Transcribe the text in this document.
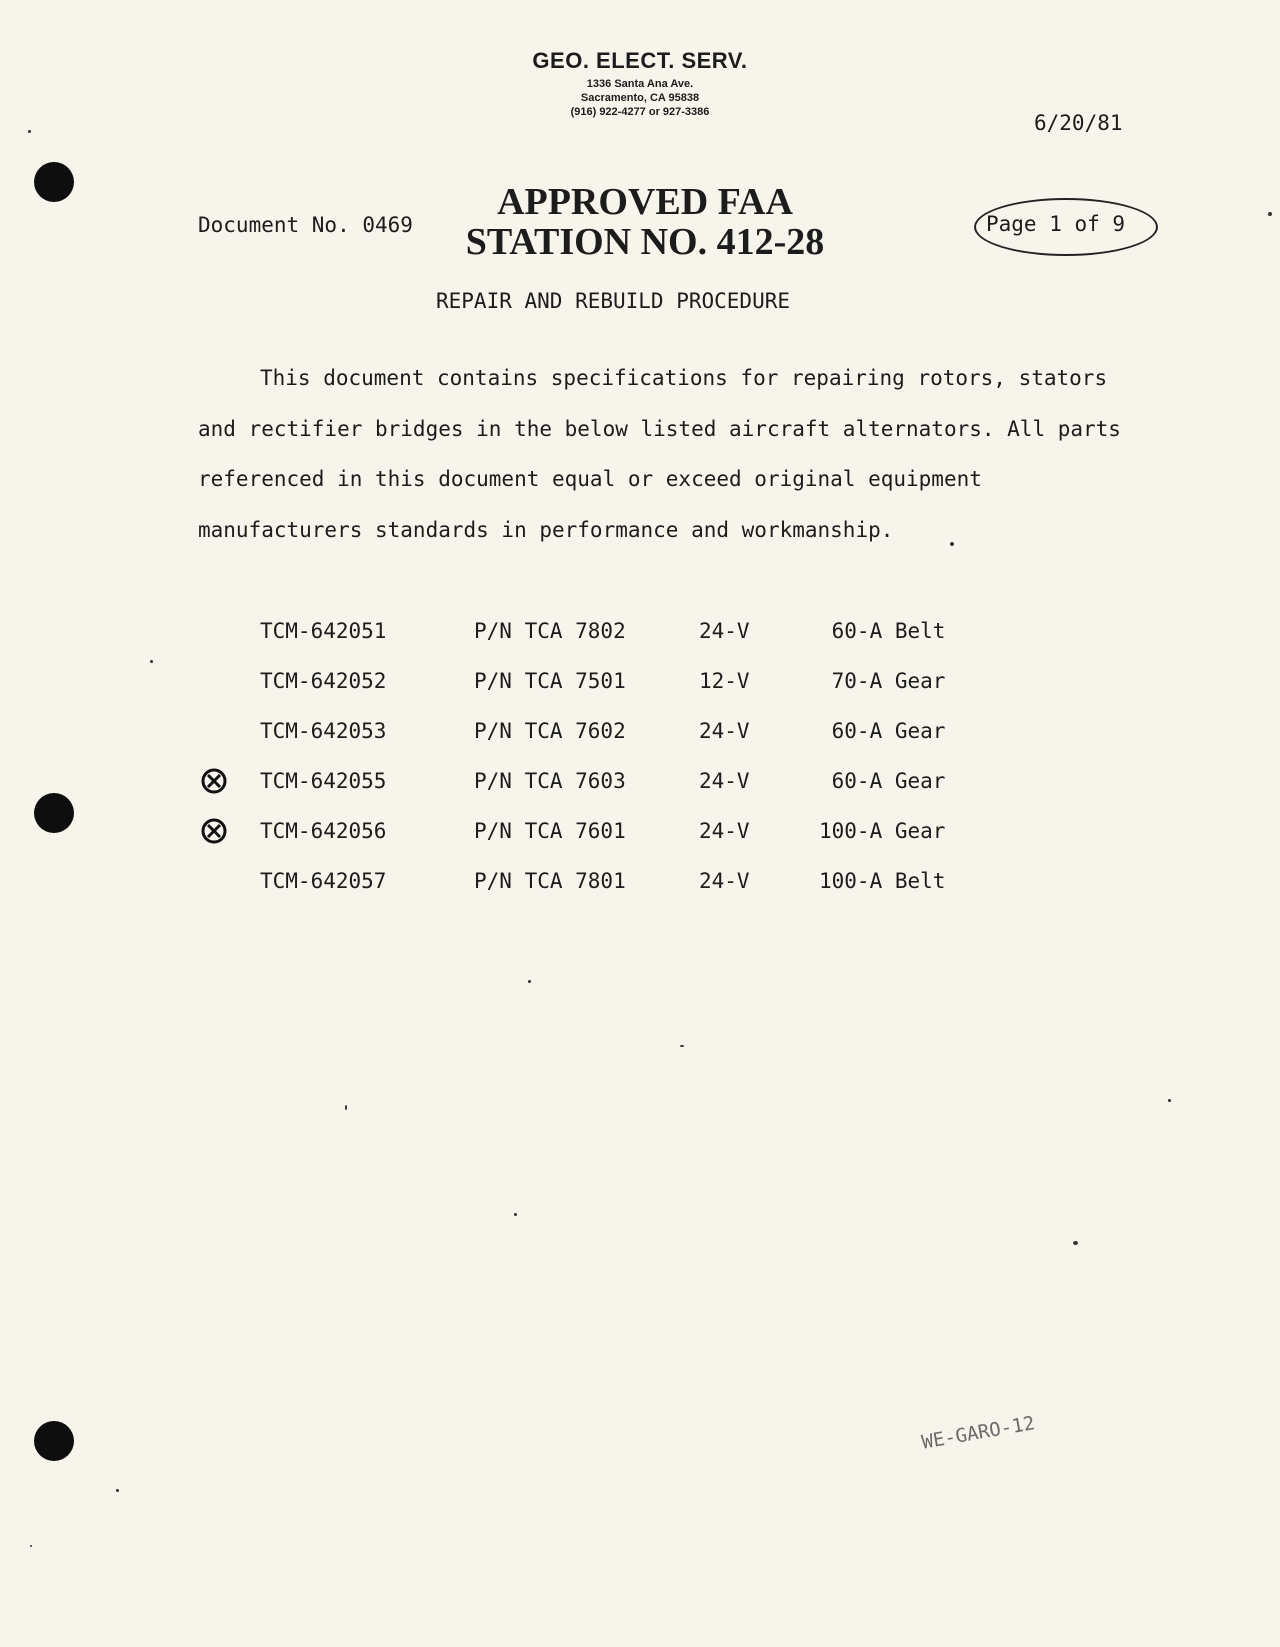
GEO. ELECT. SERV.
1336 Santa Ana Ave.
Sacramento, CA 95838
(916) 922-4277 or 927-3386	6/20/81
Document No. 0469
APPROVED FAA
STATION NO. 412-28	Page 1 of 9
REPAIR AND REBUILD PROCEDURE
This document contains specifications for repairing rotors, stators and rectifier bridges in the below listed aircraft alternators. All parts referenced in this document equal or exceed original equipment manufacturers standards in performance and workmanship.
TCM-642051	P/N TCA 7802	24-V	60-A Belt
TCM-642052	P/N TCA 7501	12-V	70-A Gear
TCM-642053	P/N TCA 7602	24-V	60-A Gear
TCM-642055	P/N TCA 7603	24-V	60-A Gear
TCM-642056	P/N TCA 7601	24-V	100-A Gear
TCM-642057	P/N TCA 7801	24-V	100-A Belt
WE-GARO-12
